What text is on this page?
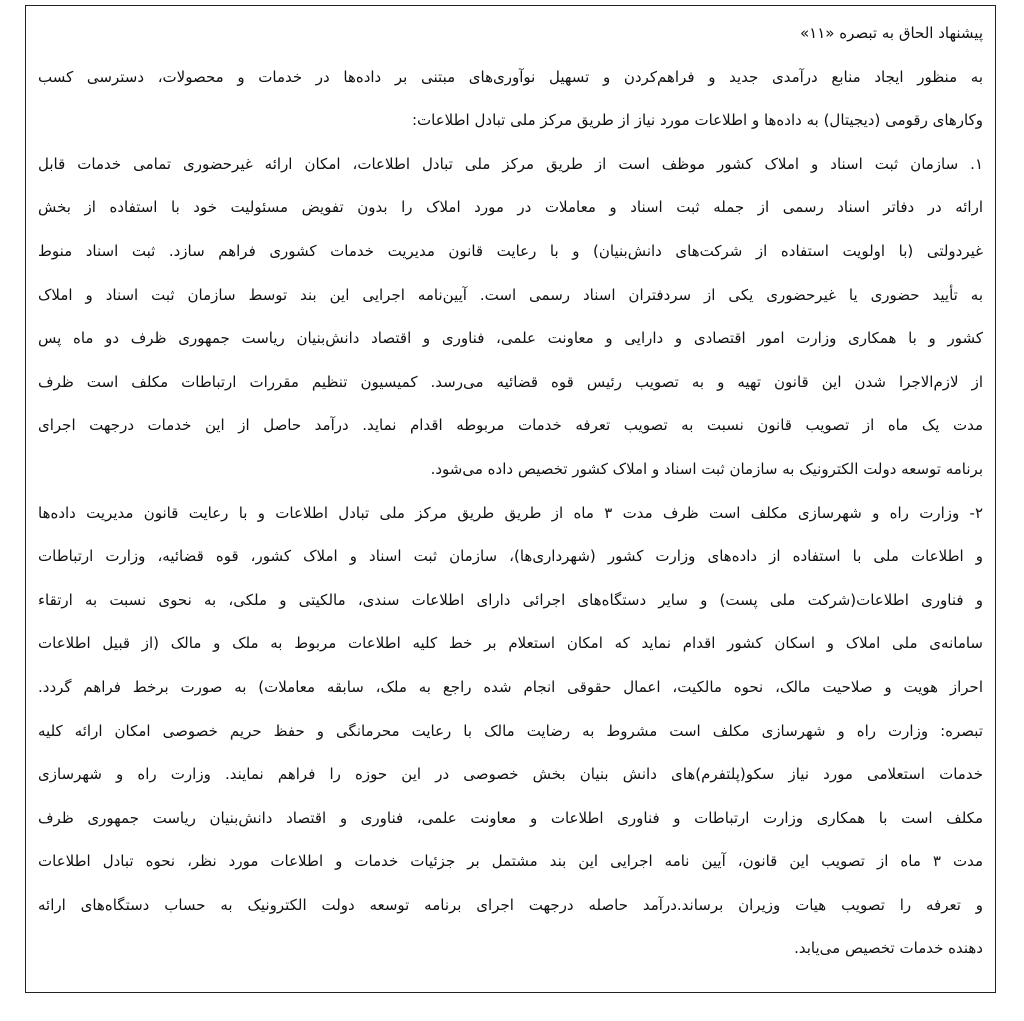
پیشنهاد الحاق به تبصره «۱۱»
به منظور ایجاد منابع درآمدی جدید و فراهم‌کردن و تسهیل نوآوری‌های مبتنی بر داده‌ها در خدمات و محصولات، دسترسی کسب
وکارهای رقومی (دیجیتال) به داده‌ها و اطلاعات مورد نیاز از طریق مرکز ملی تبادل اطلاعات:
۱. سازمان ثبت اسناد و املاک کشور موظف است از طریق مرکز ملی تبادل اطلاعات، امکان ارائه غیرحضوری تمامی خدمات قابل
ارائه در دفاتر اسناد رسمی از جمله ثبت اسناد و معاملات در مورد املاک را بدون تفویض مسئولیت خود با استفاده از بخش
غیردولتی (با اولویت استفاده از شرکت‌های دانش‌بنیان) و با رعایت قانون مدیریت خدمات کشوری فراهم سازد. ثبت اسناد منوط
به تأیید حضوری یا غیرحضوری یکی از سردفتران اسناد رسمی است. آیین‌نامه اجرایی این بند توسط سازمان ثبت اسناد و املاک
کشور و با همکاری وزارت امور اقتصادی و دارایی و معاونت علمی، فناوری و اقتصاد دانش‌بنیان ریاست جمهوری ظرف دو ماه پس
از لازم‌الاجرا شدن این قانون تهیه و به تصویب رئیس قوه قضائیه می‌رسد. کمیسیون تنظیم مقررات ارتباطات مکلف است ظرف
مدت یک ماه از تصویب قانون نسبت به تصویب تعرفه خدمات مربوطه اقدام نماید. درآمد حاصل از این خدمات درجهت اجرای
برنامه توسعه دولت الکترونیک به سازمان ثبت اسناد و املاک کشور تخصیص داده می‌شود.
۲- وزارت راه و شهرسازی مکلف است ظرف مدت ۳ ماه از طریق طریق مرکز ملی تبادل اطلاعات و با رعایت قانون مدیریت داده‌ها
و اطلاعات ملی با استفاده از داده‌های وزارت کشور (شهرداری‌ها)، سازمان ثبت اسناد و املاک کشور، قوه قضائیه، وزارت ارتباطات
و فناوری اطلاعات(شرکت ملی پست) و سایر دستگاه‌های اجرائی دارای اطلاعات سندی، مالکیتی و ملکی، به نحوی نسبت به ارتقاء
سامانه‌ی ملی املاک و اسکان کشور اقدام نماید که امکان استعلام بر خط کلیه اطلاعات مربوط به ملک و مالک (از قبیل اطلاعات
احراز هویت و صلاحیت مالک، نحوه مالکیت، اعمال حقوقی انجام شده راجع به ملک، سابقه معاملات) به صورت برخط فراهم گردد.
تبصره: وزارت راه و شهرسازی مکلف است مشروط به رضایت مالک با رعایت محرمانگی و حفظ حریم خصوصی امکان ارائه کلیه
خدمات استعلامی مورد نیاز سکو(پلتفرم)های دانش بنیان بخش خصوصی در این حوزه را فراهم نمایند. وزارت راه و شهرسازی
مکلف است با همکاری وزارت ارتباطات و فناوری اطلاعات و معاونت علمی، فناوری و اقتصاد دانش‌بنیان ریاست جمهوری ظرف
مدت ۳ ماه از تصویب این قانون، آیین نامه اجرایی این بند مشتمل بر جزئیات خدمات و اطلاعات مورد نظر، نحوه تبادل اطلاعات
و تعرفه را تصویب هیات وزیران برساند.درآمد حاصله درجهت اجرای برنامه توسعه دولت الکترونیک به حساب دستگاه‌های ارائه
دهنده خدمات تخصیص می‌یابد.
